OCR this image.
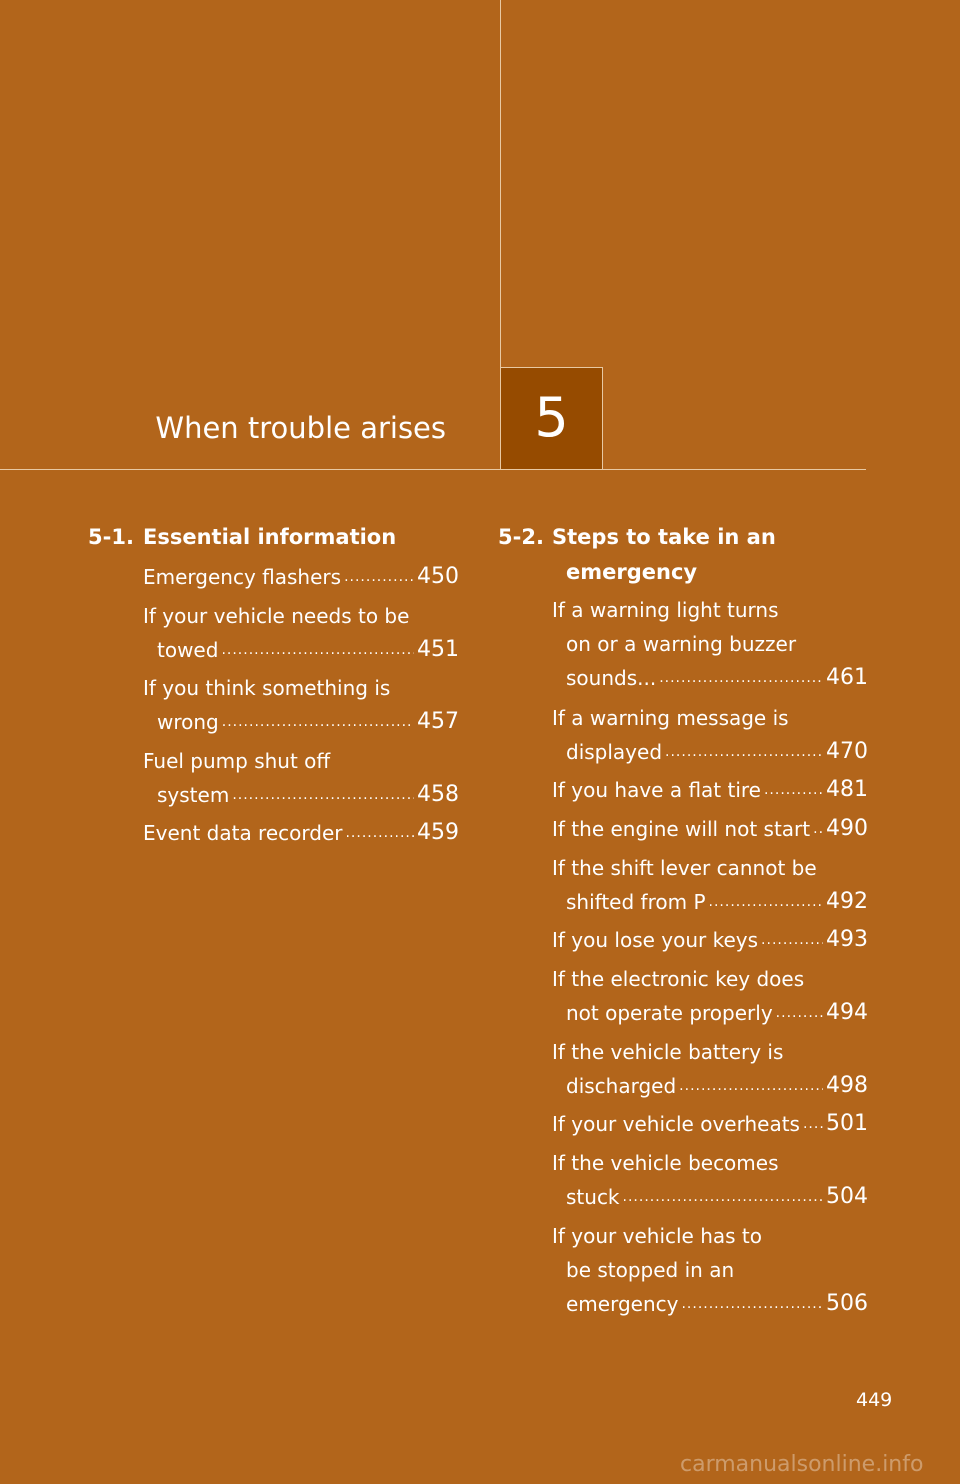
When trouble arises	5
5-1. Essential information
Emergency flashers .....	450
If your vehicle needs to be
towed .....	451
If you think something is
wrong .....	457
Fuel pump shut off
system .....	458
Event data recorder .....	459
5-2. Steps to take in an
emergency
If a warning light turns
on or a warning buzzer
sounds... .....	461
If a warning message is
displayed .....	470
If you have a flat tire .....	481
If the engine will not start ..... 490
If the shift lever cannot be
shifted from P .....	492
If you lose your keys .....	493
If the electronic key does
not operate properly ..... 494
If the vehicle battery is
discharged .....	498
If your vehicle overheats ..... 501
If the vehicle becomes
stuck .....	504
If your vehicle has to
be stopped in an
emergency .....	506
449
carmanualsonline.info
